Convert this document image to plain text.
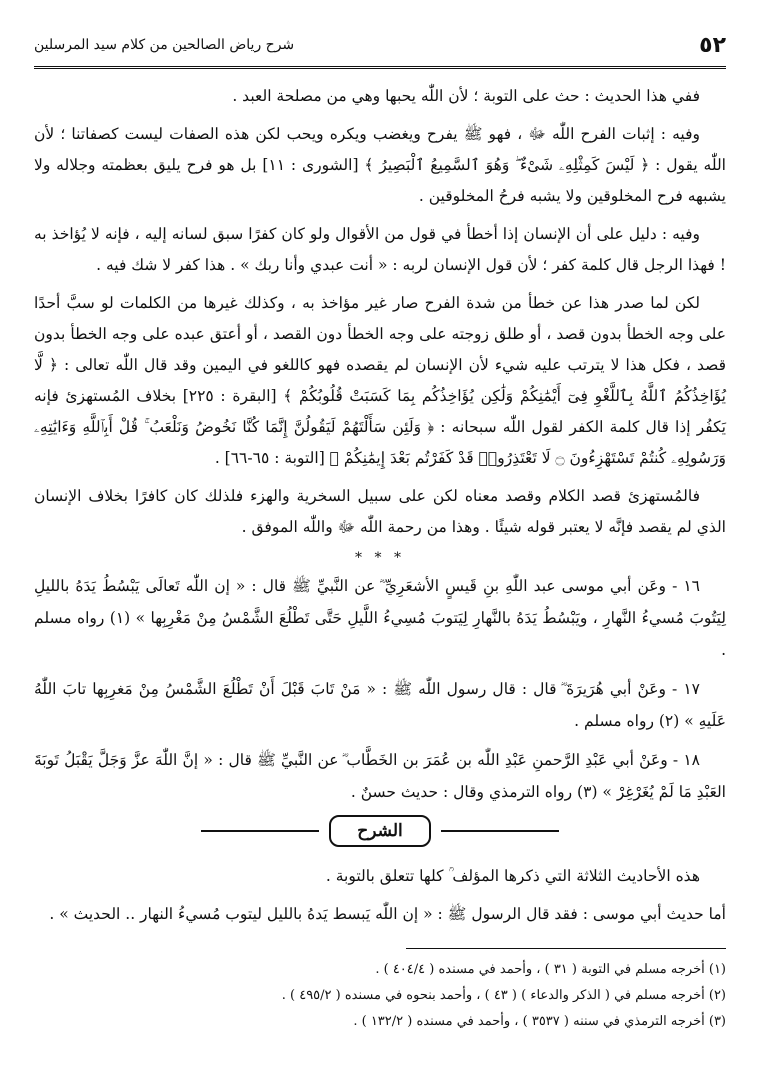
٥٢
شرح رياض الصالحين من كلام سيد المرسلين

ففي هذا الحديث : حث على التوبة ؛ لأن اللّٰه يحبها وهي من مصلحة العبد .

وفيه : إثبات الفرح اللّٰه ﷻ ، فهو ﷺ يفرح ويغضب ويكره ويحب لكن هذه الصفات ليست كصفاتنا ؛ لأن اللّٰه يقول : ﴿ لَيْسَ كَمِثْلِهِۦ شَىْءٌ ۖ وَهُوَ ٱلسَّمِيعُ ٱلْبَصِيرُ ﴾ [الشورى : ١١] بل هو فرح يليق بعظمته وجلاله ولا يشبهه فرح المخلوقين ولا يشبه فرحُ المخلوقين .

وفيه : دليل على أن الإنسان إذا أخطأ في قول من الأقوال ولو كان كفرًا سبق لسانه إليه ، فإنه لا يُؤاخذ به ! فهذا الرجل قال كلمة كفر ؛ لأن قول الإنسان لربه : « أنت عبدي وأنا ربك » . هذا كفر لا شك فيه .

لكن لما صدر هذا عن خطأ من شدة الفرح صار غير مؤاخذ به ، وكذلك غيرها من الكلمات لو سبَّ أحدًا على وجه الخطأ بدون قصد ، أو طلق زوجته على وجه الخطأ دون القصد ، أو أعتق عبده على وجه الخطأ بدون قصد ، فكل هذا لا يترتب عليه شيء لأن الإنسان لم يقصده فهو كاللغو في اليمين وقد قال اللّٰه تعالى : ﴿ لَّا يُؤَاخِذُكُمُ ٱللَّهُ بِٱللَّغْوِ فِىٓ أَيْمَٰنِكُمْ وَلَٰكِن يُؤَاخِذُكُم بِمَا كَسَبَتْ قُلُوبُكُمْ ﴾ [البقرة : ٢٢٥] بخلاف المُستهزئ فإنه يَكفُر إذا قال كلمة الكفر لقول اللّٰه سبحانه : ﴿ وَلَئِن سَأَلْتَهُمْ لَيَقُولُنَّ إِنَّمَا كُنَّا نَخُوضُ وَنَلْعَبُ ۚ قُلْ أَبِٱللَّهِ وَءَايَٰتِهِۦ وَرَسُولِهِۦ كُنتُمْ تَسْتَهْزِءُونَ ۝ لَا تَعْتَذِرُوا۟ قَدْ كَفَرْتُم بَعْدَ إِيمَٰنِكُمْ ﴾ [التوبة : ٦٥-٦٦] .

فالمُستهزئ قصد الكلام وقصد معناه لكن على سبيل السخرية والهزء فلذلك كان كافرًا بخلاف الإنسان الذي لم يقصد فإنَّه لا يعتبر قوله شيئًا . وهذا من رحمة اللّٰه ﷻ واللّٰه الموفق .

* * *

١٦ - وعَن أبي موسى عبد اللّٰهِ بنِ قَيسٍ الأشعَرِيِّ ؓ عن النَّبيِّ ﷺ قال : « إن اللّٰه تَعالَى يَبْسُطُ يَدَهُ بالليلِ لِيَتُوبَ مُسيءُ النَّهارِ ، ويَبْسُطُ يَدَهُ بالنَّهارِ لِيَتوبَ مُسِيءُ اللَّيلِ حَتَّى تَطْلُعَ الشَّمْسُ مِنْ مَغْرِبِها » (١) رواه مسلم .

١٧ - وعَنْ أبي هُرَيرَةَ ؓ قال : قال رسول اللّٰه ﷺ : « مَنْ تَابَ قَبْلَ أَنْ تَطْلُعَ الشَّمْسُ مِنْ مَغرِبِها تابَ اللّٰهُ عَلَيهِ » (٢) رواه مسلم .

١٨ - وعَنْ أبي عَبْدِ الرَّحمنِ عَبْدِ اللّٰه بن عُمَرَ بن الخَطَّاب ؓ عن النَّبيِّ ﷺ قال : « إنَّ اللّٰهَ عزَّ وَجَلَّ يَقْبَلُ تَوبَةَ العَبْدِ مَا لَمْ يُغَرْغِرْ » (٣) رواه الترمذي وقال : حديث حسنٌ .

الشرح

هذه الأحاديث الثلاثة التي ذكرها المؤلف ؒ كلها تتعلق بالتوبة .

أما حديث أبي موسى : فقد قال الرسول ﷺ : « إن اللّٰه يَبسط يَدهُ بالليل ليتوب مُسيءُ النهار .. الحديث » .

(١) أخرجه مسلم في التوبة ( ٣١ ) ، وأحمد في مسنده ( ٤٠٤/٤ ) .
(٢) أخرجه مسلم في ( الذكر والدعاء ) ( ٤٣ ) ، وأحمد بنحوه في مسنده ( ٤٩٥/٢ ) .
(٣) أخرجه الترمذي في سننه ( ٣٥٣٧ ) ، وأحمد في مسنده ( ١٣٢/٢ ) .
